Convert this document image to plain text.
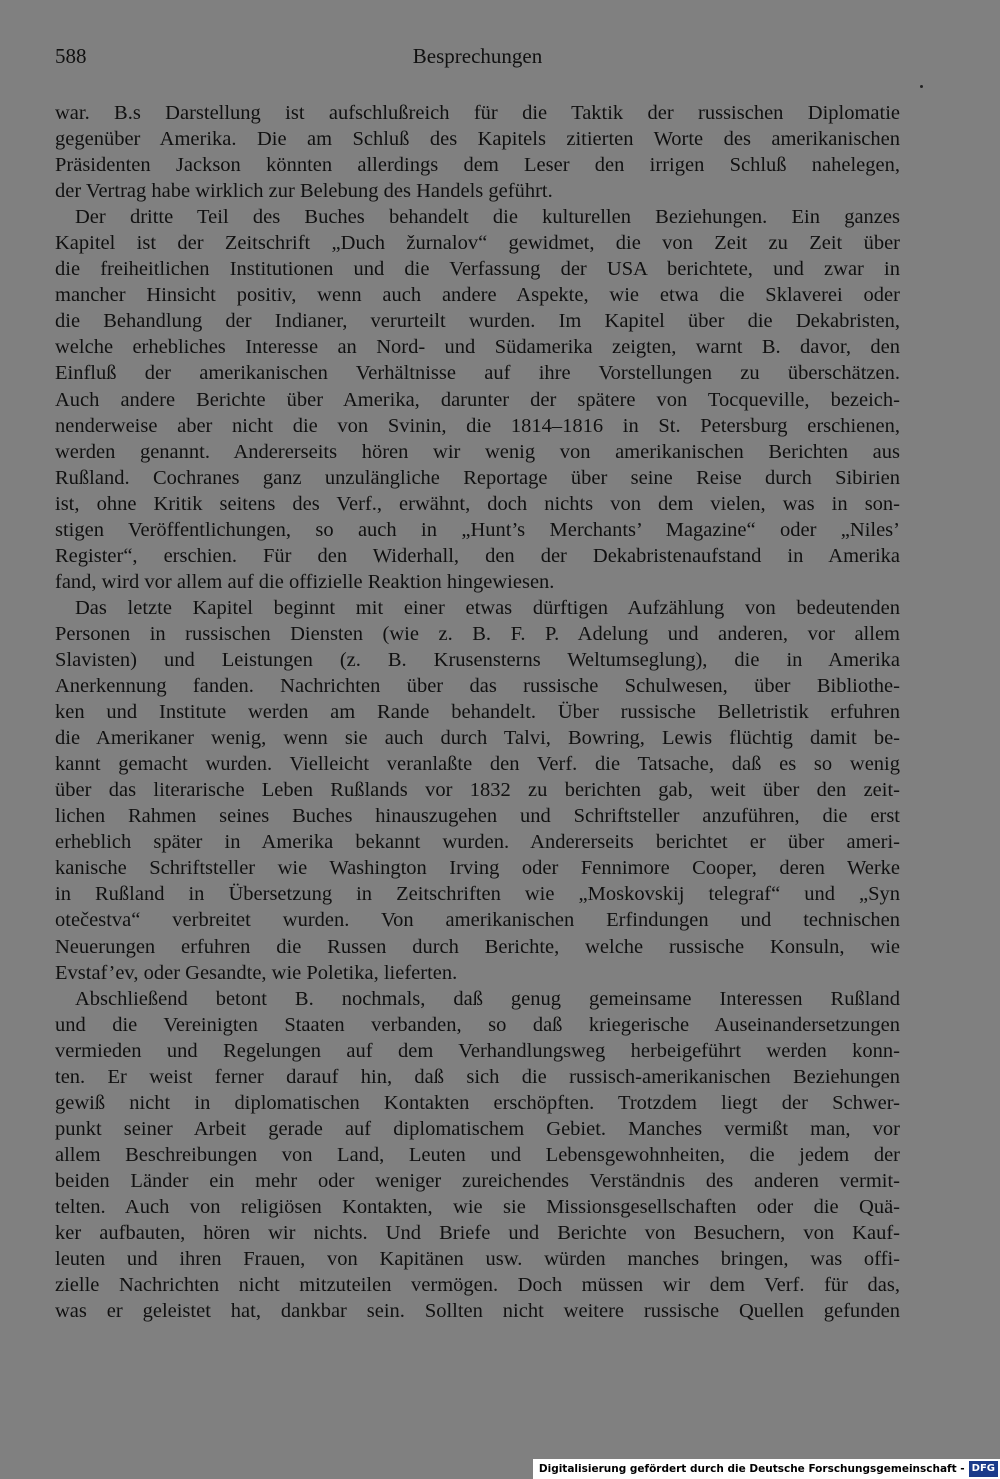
588	Besprechungen
war. B.s Darstellung ist aufschlußreich für die Taktik der russischen Diplomatie
gegenüber Amerika. Die am Schluß des Kapitels zitierten Worte des amerikanischen
Präsidenten Jackson könnten allerdings dem Leser den irrigen Schluß nahelegen,
der Vertrag habe wirklich zur Belebung des Handels geführt.
Der dritte Teil des Buches behandelt die kulturellen Beziehungen. Ein ganzes
Kapitel ist der Zeitschrift „Duch žurnalov“ gewidmet, die von Zeit zu Zeit über
die freiheitlichen Institutionen und die Verfassung der USA berichtete, und zwar in
mancher Hinsicht positiv, wenn auch andere Aspekte, wie etwa die Sklaverei oder
die Behandlung der Indianer, verurteilt wurden. Im Kapitel über die Dekabristen,
welche erhebliches Interesse an Nord- und Südamerika zeigten, warnt B. davor, den
Einfluß der amerikanischen Verhältnisse auf ihre Vorstellungen zu überschätzen.
Auch andere Berichte über Amerika, darunter der spätere von Tocqueville, bezeich-
nenderweise aber nicht die von Svinin, die 1814–1816 in St. Petersburg erschienen,
werden genannt. Andererseits hören wir wenig von amerikanischen Berichten aus
Rußland. Cochranes ganz unzulängliche Reportage über seine Reise durch Sibirien
ist, ohne Kritik seitens des Verf., erwähnt, doch nichts von dem vielen, was in son-
stigen Veröffentlichungen, so auch in „Hunt’s Merchants’ Magazine“ oder „Niles’
Register“, erschien. Für den Widerhall, den der Dekabristenaufstand in Amerika
fand, wird vor allem auf die offizielle Reaktion hingewiesen.
Das letzte Kapitel beginnt mit einer etwas dürftigen Aufzählung von bedeutenden
Personen in russischen Diensten (wie z. B. F. P. Adelung und anderen, vor allem
Slavisten) und Leistungen (z. B. Krusensterns Weltumseglung), die in Amerika
Anerkennung fanden. Nachrichten über das russische Schulwesen, über Bibliothe-
ken und Institute werden am Rande behandelt. Über russische Belletristik erfuhren
die Amerikaner wenig, wenn sie auch durch Talvi, Bowring, Lewis flüchtig damit be-
kannt gemacht wurden. Vielleicht veranlaßte den Verf. die Tatsache, daß es so wenig
über das literarische Leben Rußlands vor 1832 zu berichten gab, weit über den zeit-
lichen Rahmen seines Buches hinauszugehen und Schriftsteller anzuführen, die erst
erheblich später in Amerika bekannt wurden. Andererseits berichtet er über ameri-
kanische Schriftsteller wie Washington Irving oder Fennimore Cooper, deren Werke
in Rußland in Übersetzung in Zeitschriften wie „Moskovskij telegraf“ und „Syn
otečestva“ verbreitet wurden. Von amerikanischen Erfindungen und technischen
Neuerungen erfuhren die Russen durch Berichte, welche russische Konsuln, wie
Evstaf’ev, oder Gesandte, wie Poletika, lieferten.
Abschließend betont B. nochmals, daß genug gemeinsame Interessen Rußland
und die Vereinigten Staaten verbanden, so daß kriegerische Auseinandersetzungen
vermieden und Regelungen auf dem Verhandlungsweg herbeigeführt werden konn-
ten. Er weist ferner darauf hin, daß sich die russisch-amerikanischen Beziehungen
gewiß nicht in diplomatischen Kontakten erschöpften. Trotzdem liegt der Schwer-
punkt seiner Arbeit gerade auf diplomatischem Gebiet. Manches vermißt man, vor
allem Beschreibungen von Land, Leuten und Lebensgewohnheiten, die jedem der
beiden Länder ein mehr oder weniger zureichendes Verständnis des anderen vermit-
telten. Auch von religiösen Kontakten, wie sie Missionsgesellschaften oder die Quä-
ker aufbauten, hören wir nichts. Und Briefe und Berichte von Besuchern, von Kauf-
leuten und ihren Frauen, von Kapitänen usw. würden manches bringen, was offi-
zielle Nachrichten nicht mitzuteilen vermögen. Doch müssen wir dem Verf. für das,
was er geleistet hat, dankbar sein. Sollten nicht weitere russische Quellen gefunden
Digitalisierung gefördert durch die Deutsche Forschungsgemeinschaft - DFG
